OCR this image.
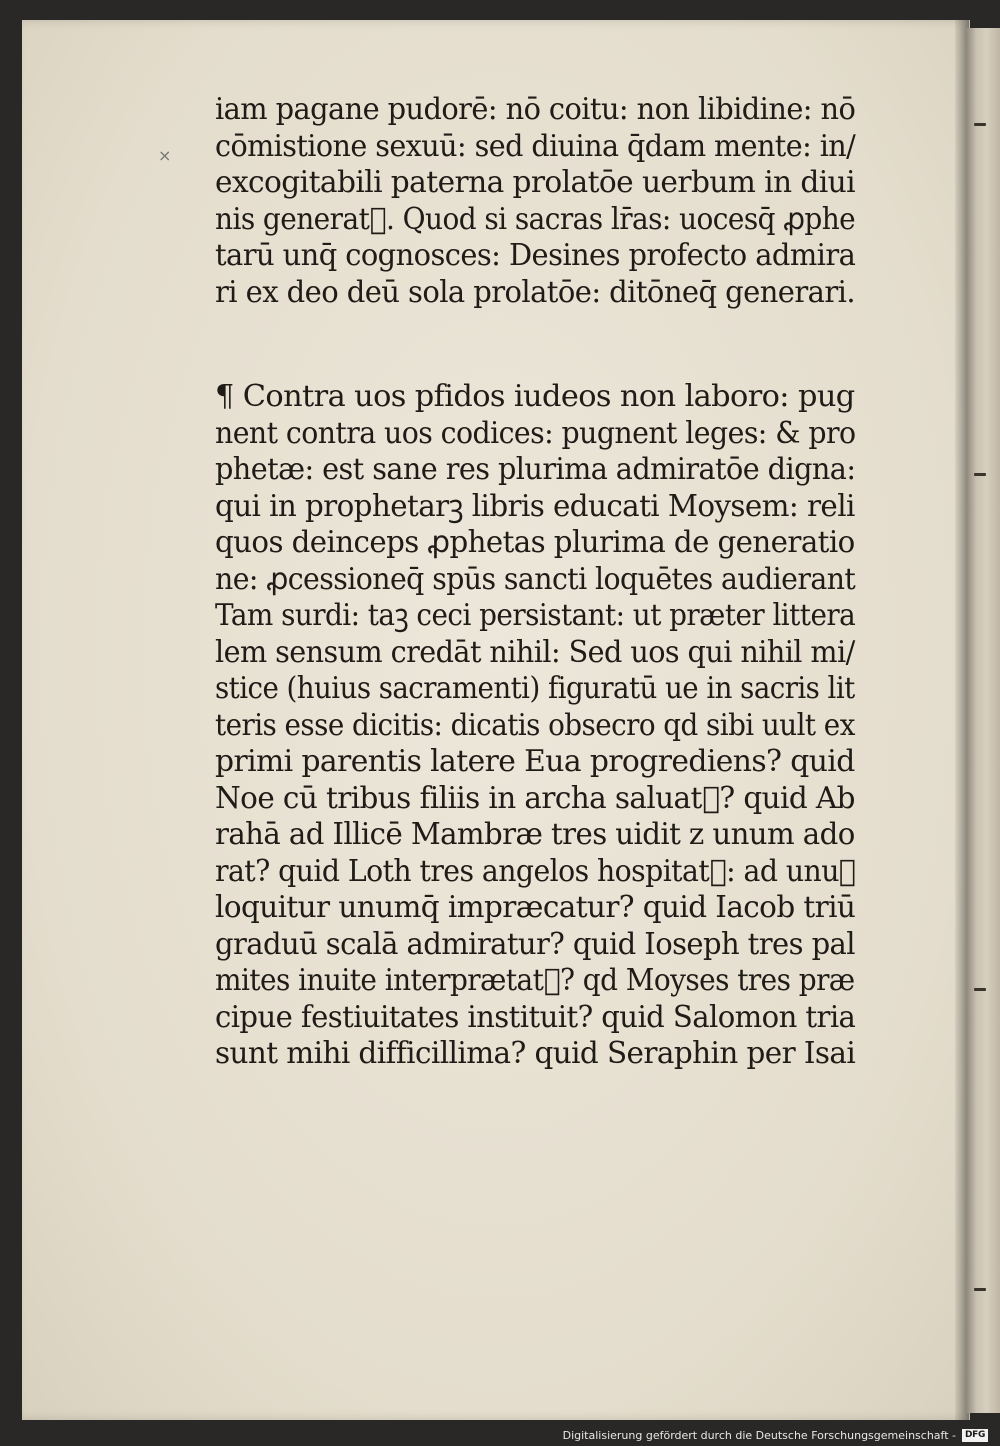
×
iam pagane pudorē: nō coitu: non libidine: nō
cōmistione sexuū: sed diuina q̄dam mente: in/
excogitabili paterna prolatōe uerbum in diui
nis generat᷑. Quod si sacras lr̄as: uocesq̄ ꝓphe
tarū unq̄ cognosces: Desines profecto admira
ri ex deo deū sola prolatōe: ditōneq̄ generari.
¶ Contra uos pfidos iudeos non laboro: pug
nent contra uos codices: pugnent leges: & pro
phetæ: est sane res plurima admiratōe digna:
qui in prophetarꝫ libris educati Moysem: reli
quos deinceps ꝓphetas plurima de generatio
ne: ꝓcessioneq̄ spūs sancti loquētes audierant
Tam surdi: taꝫ ceci persistant: ut præter littera
lem sensum credāt nihil: Sed uos qui nihil mi/
stice (huius sacramenti) figuratū ue in sacris lit
teris esse dicitis: dicatis obsecro qd sibi uult ex
primi parentis latere Eua progrediens? quid
Noe cū tribus filiis in archa saluat᷑? quid Ab
rahā ad Illicē Mambræ tres uidit z unum ado
rat? quid Loth tres angelos hospitat᷑: ad unuꝫ
loquitur unumq̄ impræcatur? quid Iacob triū
graduū scalā admiratur? quid Ioseph tres pal
mites inuite interprætat᷑? qd Moyses tres præ
cipue festiuitates instituit? quid Salomon tria
sunt mihi difficillima? quid Seraphin per Isai
Digitalisierung gefördert durch die Deutsche Forschungsgemeinschaft - DFG
